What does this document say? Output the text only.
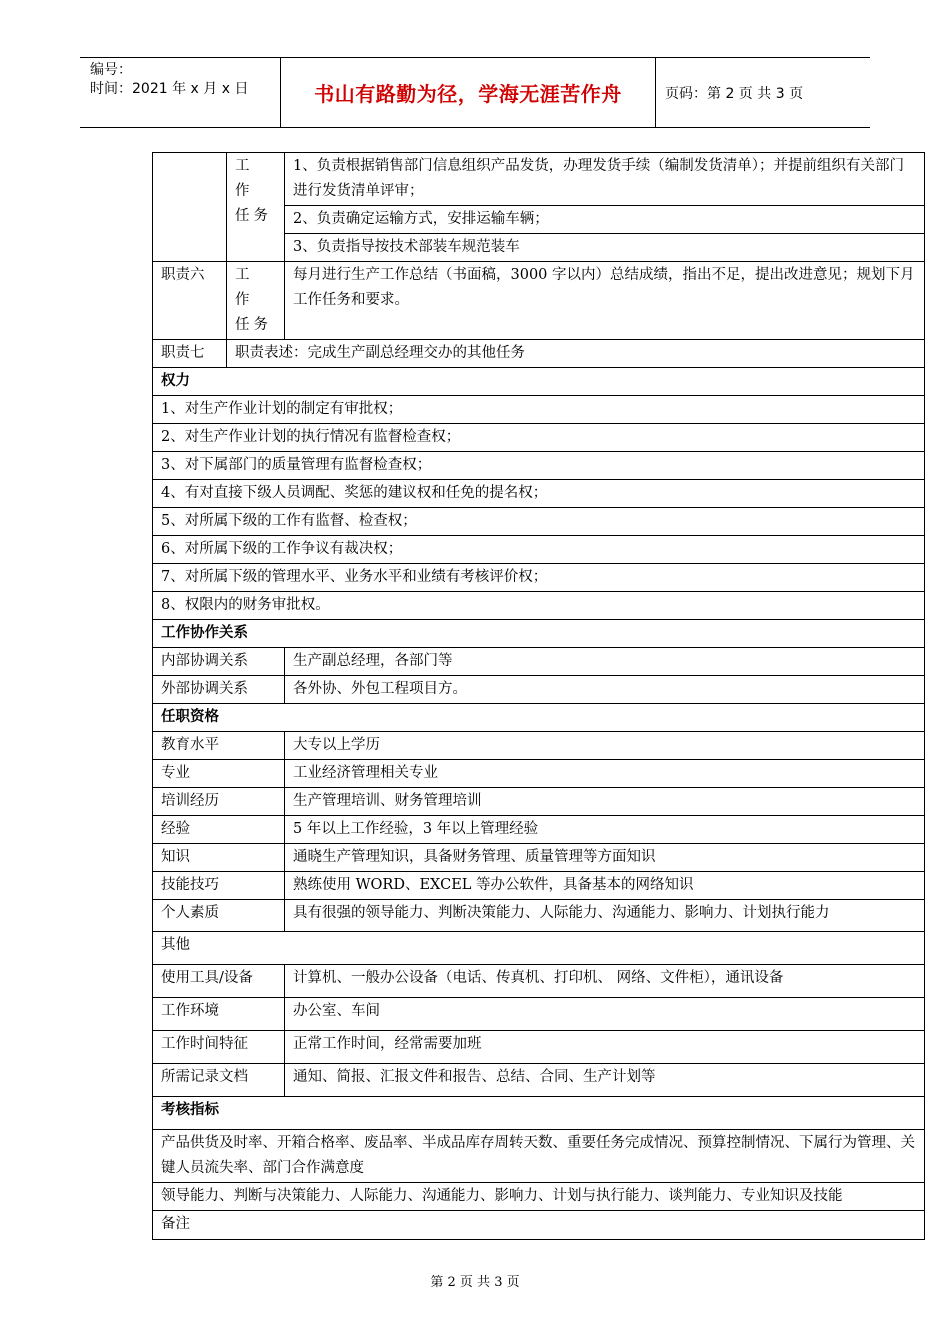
编号：
时间：2021 年 x 月 x 日	书山有路勤为径，学海无涯苦作舟	页码：第 2 页 共 3 页
	工 作 任务	1、负责根据销售部门信息组织产品发货，办理发货手续（编制发货清单）；并提前组织有关部门进行发货清单评审；
		2、负责确定运输方式，安排运输车辆；
		3、负责指导按技术部装车规范装车
职责六	工 作 任务	每月进行生产工作总结（书面稿，3000 字以内）总结成绩，指出不足，提出改进意见；规划下月工作任务和要求。
职责七	职责表述：完成生产副总经理交办的其他任务	
权力		
1、对生产作业计划的制定有审批权；		
2、对生产作业计划的执行情况有监督检查权；		
3、对下属部门的质量管理有监督检查权；		
4、有对直接下级人员调配、奖惩的建议权和任免的提名权；		
5、对所属下级的工作有监督、检查权；		
6、对所属下级的工作争议有裁决权；		
7、对所属下级的管理水平、业务水平和业绩有考核评价权；		
8、权限内的财务审批权。		
工作协作关系		
内部协调关系		生产副总经理，各部门等
外部协调关系		各外协、外包工程项目方。
任职资格		
教育水平		大专以上学历
专业		工业经济管理相关专业
培训经历		生产管理培训、财务管理培训
经验		5 年以上工作经验，3 年以上管理经验
知识		通晓生产管理知识，具备财务管理、质量管理等方面知识
技能技巧		熟练使用 WORD、EXCEL 等办公软件，具备基本的网络知识
个人素质		具有很强的领导能力、判断决策能力、人际能力、沟通能力、影响力、计划执行能力
其他		
使用工具/设备		计算机、一般办公设备（电话、传真机、打印机、 网络、文件柜），通讯设备
工作环境		办公室、车间
工作时间特征		正常工作时间，经常需要加班
所需记录文档		通知、简报、汇报文件和报告、总结、合同、生产计划等
考核指标		
产品供货及时率、开箱合格率、废品率、半成品库存周转天数、重要任务完成情况、预算控制情况、下属行为管理、关键人员流失率、部门合作满意度		
领导能力、判断与决策能力、人际能力、沟通能力、影响力、计划与执行能力、谈判能力、专业知识及技能		
备注		
第 2 页 共 3 页
